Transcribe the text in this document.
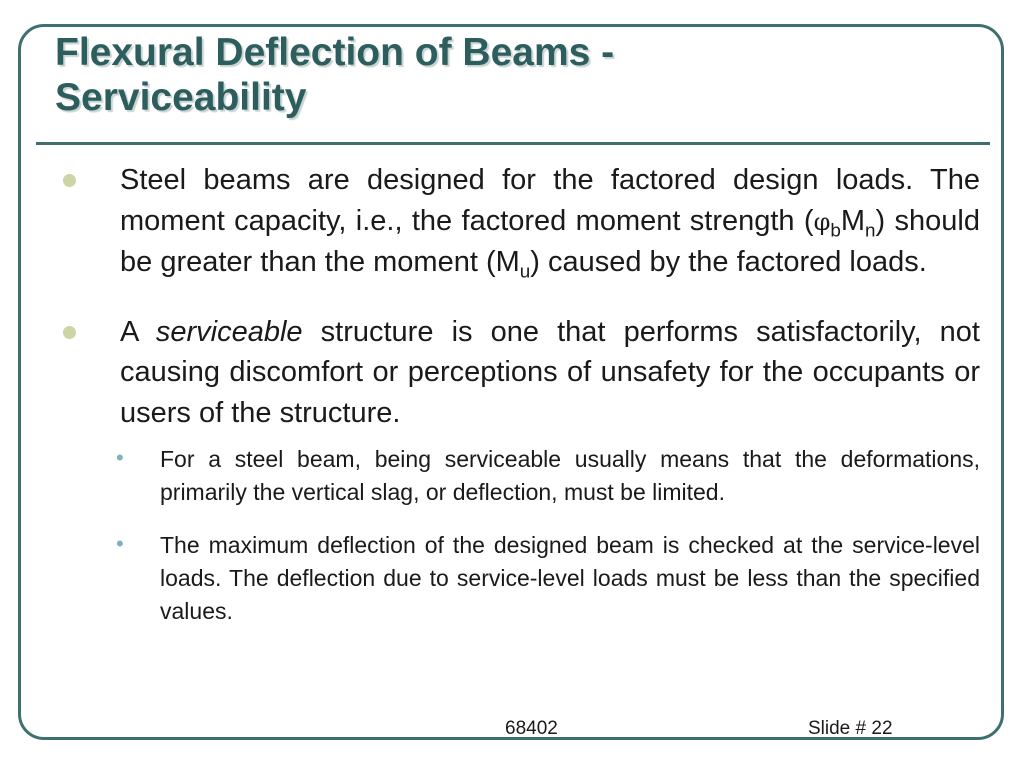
Flexural Deflection of Beams -
Serviceability
Steel beams are designed for the factored design loads. The moment capacity, i.e., the factored moment strength $(\varphi_bM_n)$ should be greater than the moment $(M_u)$ caused by the factored loads.
A serviceable structure is one that performs satisfactorily, not causing discomfort or perceptions of unsafety for the occupants or users of the structure.
• For a steel beam, being serviceable usually means that the deformations, primarily the vertical slag, or deflection, must be limited.
• The maximum deflection of the designed beam is checked at the service-level loads. The deflection due to service-level loads must be less than the specified values.
68402	Slide # 22
